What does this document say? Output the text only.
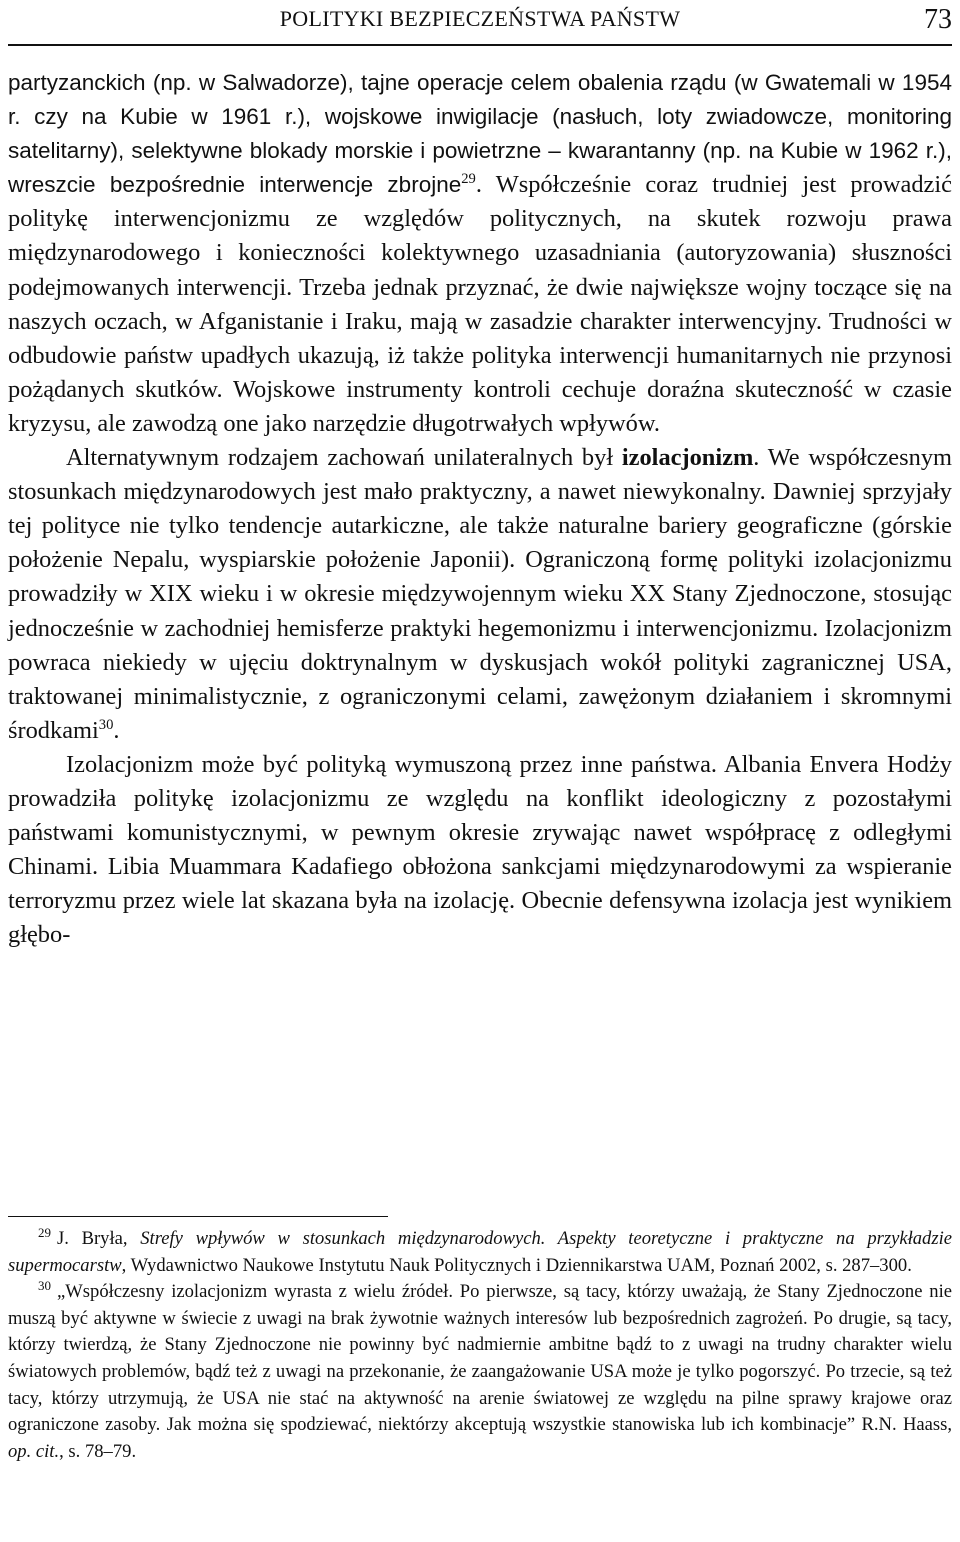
POLITYKI BEZPIECZEŃSTWA PAŃSTW	73

partyzanckich (np. w Salwadorze), tajne operacje celem obalenia rządu (w Gwatemali w 1954 r. czy na Kubie w 1961 r.), wojskowe inwigilacje (nasłuch, loty zwiadowcze, monitoring satelitarny), selektywne blokady morskie i powietrzne – kwarantanny (np. na Kubie w 1962 r.), wreszcie bezpośrednie interwencje zbrojne$^{29}$. Współcześnie coraz trudniej jest prowadzić politykę interwencjonizmu ze względów politycznych, na skutek rozwoju prawa międzynarodowego i konieczności kolektywnego uzasadniania (autoryzowania) słuszności podejmowanych interwencji. Trzeba jednak przyznać, że dwie największe wojny toczące się na naszych oczach, w Afganistanie i Iraku, mają w zasadzie charakter interwencyjny. Trudności w odbudowie państw upadłych ukazują, iż także polityka interwencji humanitarnych nie przynosi pożądanych skutków. Wojskowe instrumenty kontroli cechuje doraźna skuteczność w czasie kryzysu, ale zawodzą one jako narzędzie długotrwałych wpływów.

Alternatywnym rodzajem zachowań unilateralnych był izolacjonizm. We współczesnym stosunkach międzynarodowych jest mało praktyczny, a nawet niewykonalny. Dawniej sprzyjały tej polityce nie tylko tendencje autarkiczne, ale także naturalne bariery geograficzne (górskie położenie Nepalu, wyspiarskie położenie Japonii). Ograniczoną formę polityki izolacjonizmu prowadziły w XIX wieku i w okresie międzywojennym wieku XX Stany Zjednoczone, stosując jednocześnie w zachodniej hemisferze praktyki hegemonizmu i interwencjonizmu. Izolacjonizm powraca niekiedy w ujęciu doktrynalnym w dyskusjach wokół polityki zagranicznej USA, traktowanej minimalistycznie, z ograniczonymi celami, zawężonym działaniem i skromnymi środkami$^{30}$.

Izolacjonizm może być polityką wymuszoną przez inne państwa. Albania Envera Hodży prowadziła politykę izolacjonizmu ze względu na konflikt ideologiczny z pozostałymi państwami komunistycznymi, w pewnym okresie zrywając nawet współpracę z odległymi Chinami. Libia Muammara Kadafiego obłożona sankcjami międzynarodowymi za wspieranie terroryzmu przez wiele lat skazana była na izolację. Obecnie defensywna izolacja jest wynikiem głębo-

$^{29}$ J. Bryła, Strefy wpływów w stosunkach międzynarodowych. Aspekty teoretyczne i praktyczne na przykładzie supermocarstw, Wydawnictwo Naukowe Instytutu Nauk Politycznych i Dziennikarstwa UAM, Poznań 2002, s. 287–300.

$^{30}$ „Współczesny izolacjonizm wyrasta z wielu źródeł. Po pierwsze, są tacy, którzy uważają, że Stany Zjednoczone nie muszą być aktywne w świecie z uwagi na brak żywotnie ważnych interesów lub bezpośrednich zagrożeń. Po drugie, są tacy, którzy twierdzą, że Stany Zjednoczone nie powinny być nadmiernie ambitne bądź to z uwagi na trudny charakter wielu światowych problemów, bądź też z uwagi na przekonanie, że zaangażowanie USA może je tylko pogorszyć. Po trzecie, są też tacy, którzy utrzymują, że USA nie stać na aktywność na arenie światowej ze względu na pilne sprawy krajowe oraz ograniczone zasoby. Jak można się spodziewać, niektórzy akceptują wszystkie stanowiska lub ich kombinacje” R.N. Haass, op. cit., s. 78–79.
